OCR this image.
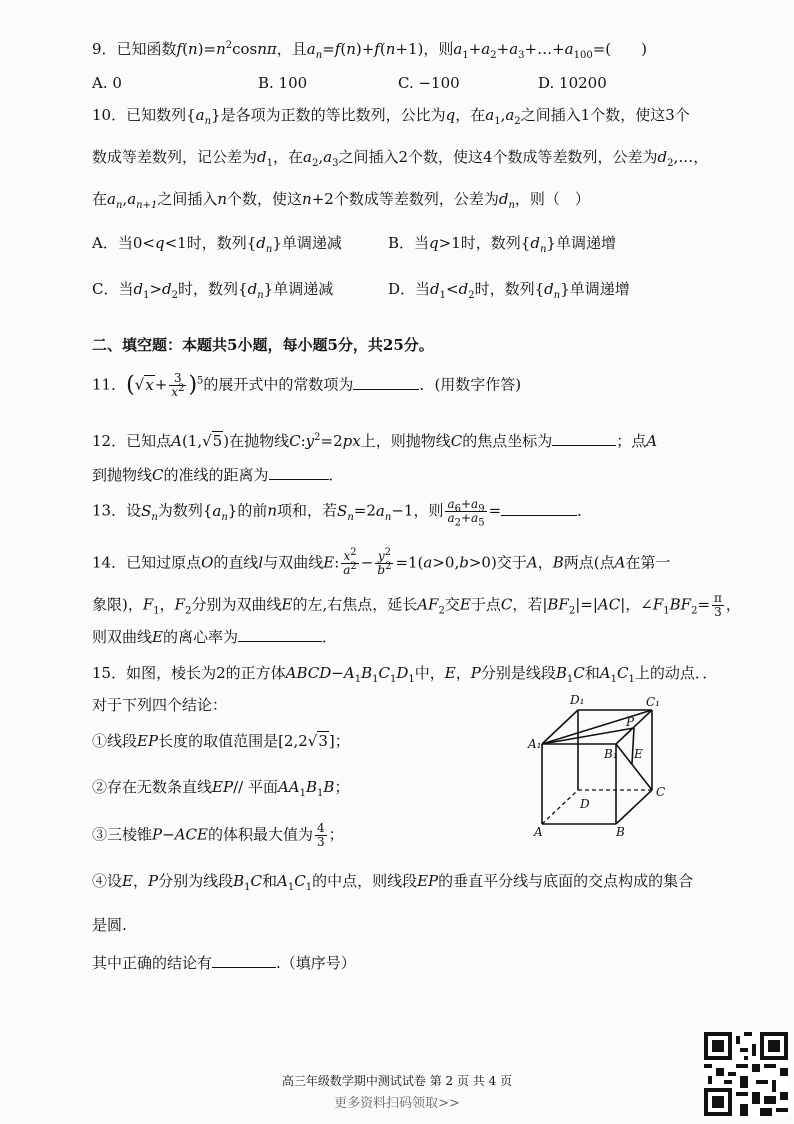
9．已知函数$f(n)=n^2\cos n\pi$，且$a_n=f(n)+f(n+1)$，则$a_1+a_2+a_3+\dots+a_{100}=$(　　)
A. 0	B. 100	C. −100	D. 10200
10．已知数列$\{a_n\}$是各项为正数的等比数列，公比为q，在$a_1,a_2$之间插入1个数，使这3个
数成等差数列，记公差为$d_1$，在$a_2,a_3$之间插入2个数，使这4个数成等差数列，公差为$d_2,\dots$，
在$a_n,a_{n+1}$之间插入n个数，使这n+2个数成等差数列，公差为$d_n$，则（　）
A．当0<q<1时，数列$\{d_n\}$单调递减	B．当q>1时，数列$\{d_n\}$单调递增
C．当$d_1>d_2$时，数列$\{d_n\}$单调递减	D．当$d_1<d_2$时，数列$\{d_n\}$单调递增
二、填空题：本题共5小题，每小题5分，共25分。
11．$(√x+ \frac{3}{x^2} )^5$的展开式中的常数项为	．(用数字作答)
12．已知点A(1,√5)在抛物线$C:y^2=2px$上，则抛物线C的焦点坐标为	；点A
到抛物线C的准线的距离为	．
13．设$S_n$为数列$\{a_n\}$的前n项和，若$S_n=2a_n-1$，则 $\frac{a_6+a_9}{a_2+a_5}$ =	．
14．已知过原点O的直线l与双曲线E: $\frac{x^2}{a^2} - \frac{y^2}{b^2} =1(a>0,b>0)$交于A，B两点(点A在第一
象限)，$F_1$，$F_2$分别为双曲线E的左,右焦点，延长$AF_2$交E于点C，若$|BF_2|=|AC|$，$\angle F_1BF_2= \frac{\pi}{3}$ ，
则双曲线E的离心率为	．
15．如图，棱长为2的正方体$ABCD-A_1B_1C_1D_1$中，E，P分别是线段$B_1C$和$A_1C_1$上的动点．．
对于下列四个结论：
①线段EP长度的取值范围是[2,2√3]；
②存在无数条直线EP// 平面$AA_1B_1B$；
③三棱锥P−ACE的体积最大值为 $\frac{4}{3}$ ；
④设E，P分别为线段$B_1C$和$A_1C_1$的中点，则线段EP的垂直平分线与底面的交点构成的集合
是圆.
其中正确的结论有	.（填序号）
D₁	C₁
A₁
B₁
P
E
D
C
A	B
高三年级数学期中测试试卷 第 2 页 共 4 页
更多资料扫码领取>>
